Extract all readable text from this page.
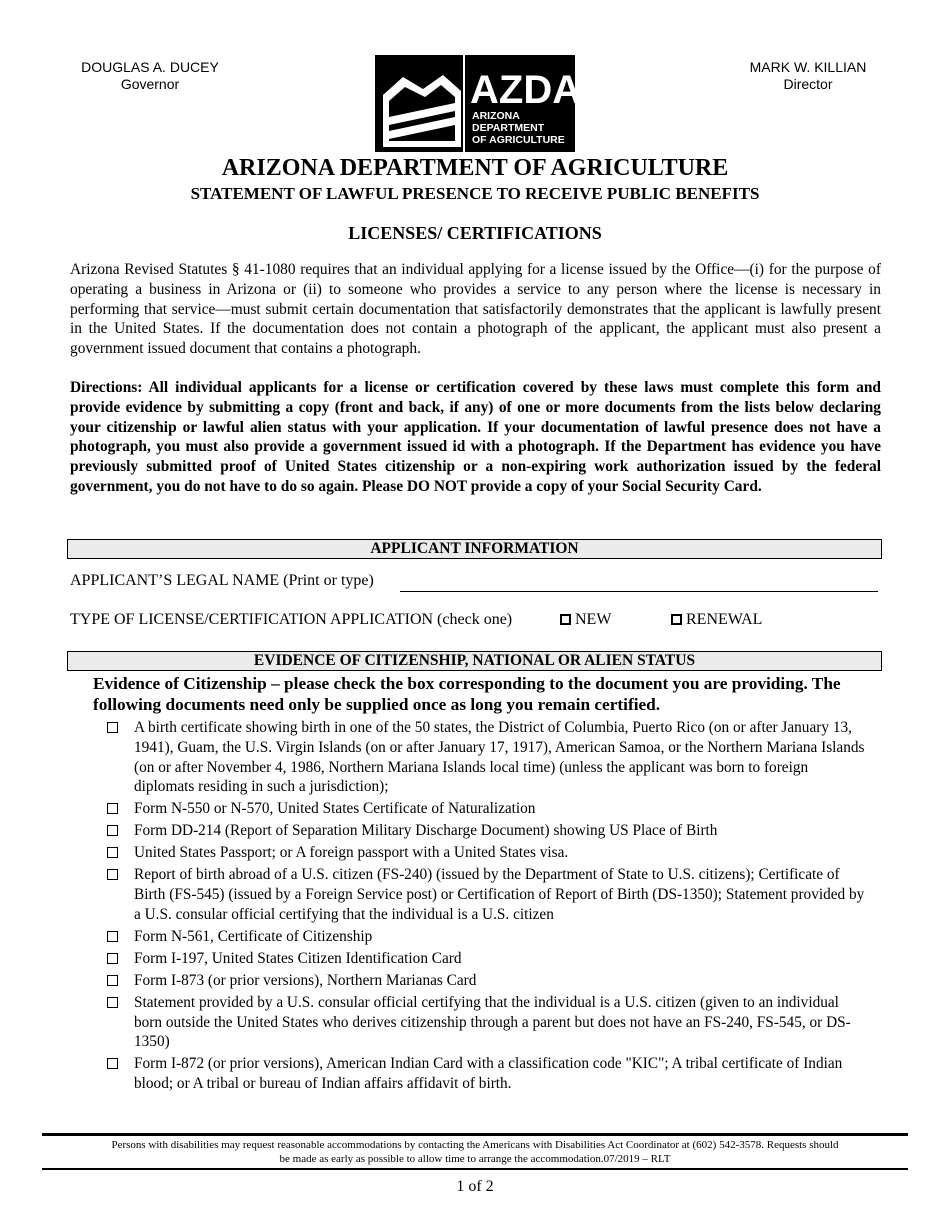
DOUGLAS A. DUCEY
Governor	AZDA
ARIZONA
DEPARTMENT
OF AGRICULTURE
MARK W. KILLIAN
Director
ARIZONA DEPARTMENT OF AGRICULTURE
STATEMENT OF LAWFUL PRESENCE TO RECEIVE PUBLIC BENEFITS
LICENSES/ CERTIFICATIONS

Arizona Revised Statutes § 41-1080 requires that an individual applying for a license issued by the Office—(i) for the purpose of operating a business in Arizona or (ii) to someone who provides a service to any person where the license is necessary in performing that service—must submit certain documentation that satisfactorily demonstrates that the applicant is lawfully present in the United States. If the documentation does not contain a photograph of the applicant, the applicant must also present a government issued document that contains a photograph.

Directions: All individual applicants for a license or certification covered by these laws must complete this form and provide evidence by submitting a copy (front and back, if any) of one or more documents from the lists below declaring your citizenship or lawful alien status with your application. If your documentation of lawful presence does not have a photograph, you must also provide a government issued id with a photograph. If the Department has evidence you have previously submitted proof of United States citizenship or a non-expiring work authorization issued by the federal government, you do not have to do so again. Please DO NOT provide a copy of your Social Security Card.

APPLICANT INFORMATION
APPLICANT’S LEGAL NAME (Print or type)
TYPE OF LICENSE/CERTIFICATION APPLICATION (check one)	NEW	RENEWAL
EVIDENCE OF CITIZENSHIP, NATIONAL OR ALIEN STATUS
Evidence of Citizenship – please check the box corresponding to the document you are providing. The following documents need only be supplied once as long you remain certified.
A birth certificate showing birth in one of the 50 states, the District of Columbia, Puerto Rico (on or after January 13, 1941), Guam, the U.S. Virgin Islands (on or after January 17, 1917), American Samoa, or the Northern Mariana Islands (on or after November 4, 1986, Northern Mariana Islands local time) (unless the applicant was born to foreign diplomats residing in such a jurisdiction);
Form N-550 or N-570, United States Certificate of Naturalization
Form DD-214 (Report of Separation Military Discharge Document) showing US Place of Birth
United States Passport; or A foreign passport with a United States visa.
Report of birth abroad of a U.S. citizen (FS-240) (issued by the Department of State to U.S. citizens); Certificate of Birth (FS-545) (issued by a Foreign Service post) or Certification of Report of Birth (DS-1350); Statement provided by a U.S. consular official certifying that the individual is a U.S. citizen
Form N-561, Certificate of Citizenship
Form I-197, United States Citizen Identification Card
Form I-873 (or prior versions), Northern Marianas Card
Statement provided by a U.S. consular official certifying that the individual is a U.S. citizen (given to an individual born outside the United States who derives citizenship through a parent but does not have an FS-240, FS-545, or DS-1350)
Form I-872 (or prior versions), American Indian Card with a classification code "KIC"; A tribal certificate of Indian blood; or A tribal or bureau of Indian affairs affidavit of birth.
Persons with disabilities may request reasonable accommodations by contacting the Americans with Disabilities Act Coordinator at (602) 542-3578. Requests should be made as early as possible to allow time to arrange the accommodation.07/2019 – RLT
1 of 2
